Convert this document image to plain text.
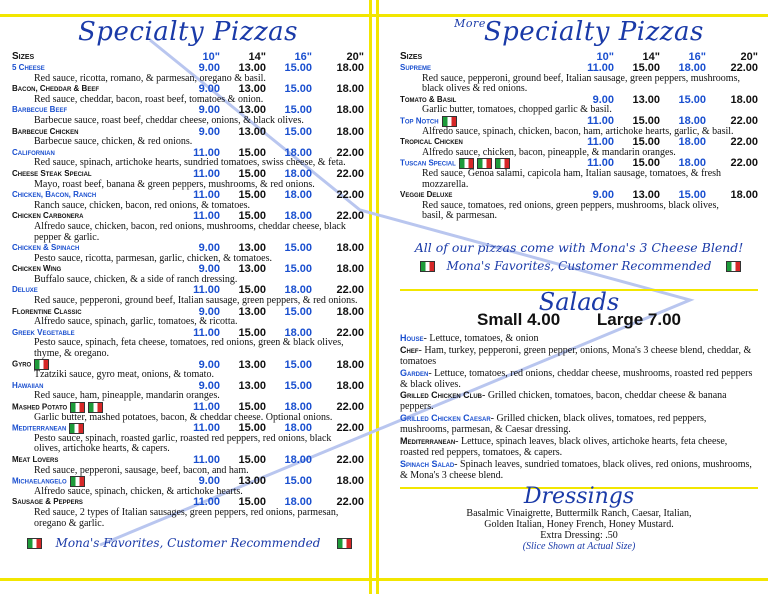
Specialty Pizzas
Sizes	10"	14"	16"	20"
5 Cheese	9.00	13.00	15.00	18.00
Red sauce, ricotta, romano, & parmesan, oregano & basil.
Bacon, Cheddar & Beef	9.00	13.00	15.00	18.00
Red sauce, cheddar, bacon, roast beef, tomatoes & onion.
Barbecue Beef	9.00	13.00	15.00	18.00
Barbecue sauce, roast beef, cheddar cheese, onions, & black olives.
Barbecue Chicken	9.00	13.00	15.00	18.00
Barbecue sauce, chicken, & red onions.
Californian	11.00	15.00	18.00	22.00
Red sauce, spinach, artichoke hearts, sundried tomatoes, swiss cheese, & feta.
Cheese Steak Special	11.00	15.00	18.00	22.00
Mayo, roast beef, banana & green peppers, mushrooms, & red onions.
Chicken, Bacon, Ranch	11.00	15.00	18.00	22.00
Ranch sauce, chicken, bacon, red onions, & tomatoes.
Chicken Carbonera	11.00	15.00	18.00	22.00
Alfredo sauce, chicken, bacon, red onions, mushrooms, cheddar cheese, black
pepper & garlic.
Chicken & Spinach	9.00	13.00	15.00	18.00
Pesto sauce, ricotta, parmesan, garlic, chicken, & tomatoes.
Chicken Wing	9.00	13.00	15.00	18.00
Buffalo sauce, chicken, & a side of ranch dressing.
Deluxe	11.00	15.00	18.00	22.00
Red sauce, pepperoni, ground beef, Italian sausage, green peppers, & red onions.
Florentine Classic	9.00	13.00	15.00	18.00
Alfredo sauce, spinach, garlic, tomatoes, & ricotta.
Greek Vegetable	11.00	15.00	18.00	22.00
Pesto sauce, spinach, feta cheese, tomatoes, red onions, green & black olives,
thyme, & oregano.
Gyro	9.00	13.00	15.00	18.00
Tzatziki sauce, gyro meat, onions, & tomato.
Hawaiian	9.00	13.00	15.00	18.00
Red sauce, ham, pineapple, mandarin oranges.
Mashed Potato	11.00	15.00	18.00	22.00
Garlic butter, mashed potatoes, bacon, & cheddar cheese. Optional onions.
Mediterranean	11.00	15.00	18.00	22.00
Pesto sauce, spinach, roasted garlic, roasted red peppers, red onions, black
olives, artichoke hearts, & capers.
Meat Lovers	11.00	15.00	18.00	22.00
Red sauce, pepperoni, sausage, beef, bacon, and ham.
Michaelangelo	9.00	13.00	15.00	18.00
Alfredo sauce, spinach, chicken, & artichoke hearts.
Sausage & Peppers	11.00	15.00	18.00	22.00
Red sauce, 2 types of Italian sausages, green peppers, red onions, parmesan,
oregano & garlic.
Mona's Favorites, Customer Recommended
$^{More}$Specialty Pizzas
Sizes	10"	14"	16"	20"
Supreme	11.00	15.00	18.00	22.00
Red sauce, pepperoni, ground beef, Italian sausage, green peppers, mushrooms,
black olives & red onions.
Tomato & Basil	9.00	13.00	15.00	18.00
Garlic butter, tomatoes, chopped garlic & basil.
Top Notch	11.00	15.00	18.00	22.00
Alfredo sauce, spinach, chicken, bacon, ham, artichoke hearts, garlic, & basil.
Tropical Chicken	11.00	15.00	18.00	22.00
Alfredo sauce, chicken, bacon, pineapple, & mandarin oranges.
Tuscan Special	11.00	15.00	18.00	22.00
Red sauce, Genoa salami, capicola ham, Italian sausage, tomatoes, & fresh
mozzarella.
Veggie Deluxe	9.00	13.00	15.00	18.00
Red sauce, tomatoes, red onions, green peppers, mushrooms, black olives,
basil, & parmesan.
All of our pizzas come with Mona's 3 Cheese Blend!
Mona's Favorites, Customer Recommended
Salads
Small 4.00 Large 7.00
House- Lettuce, tomatoes, & onion
Chef- Ham, turkey, pepperoni, green pepper, onions, Mona's 3 cheese blend, cheddar, & tomatoes
Garden- Lettuce, tomatoes, red onions, cheddar cheese, mushrooms, roasted red peppers & black olives.
Grilled Chicken Club- Grilled chicken, tomatoes, bacon, cheddar cheese & banana peppers.
Grilled Chicken Caesar- Grilled chicken, black olives, tomatoes, red peppers, mushrooms, parmesan, & Caesar dressing.
Mediterranean- Lettuce, spinach leaves, black olives, artichoke hearts, feta cheese, roasted red peppers, tomatoes, & capers.
Spinach Salad- Spinach leaves, sundried tomatoes, black olives, red onions, mushrooms, & Mona's 3 cheese blend.
Dressings
Basalmic Vinaigrette, Buttermilk Ranch, Caesar, Italian,
Golden Italian, Honey French, Honey Mustard.
Extra Dressing: .50
(Slice Shown at Actual Size)
